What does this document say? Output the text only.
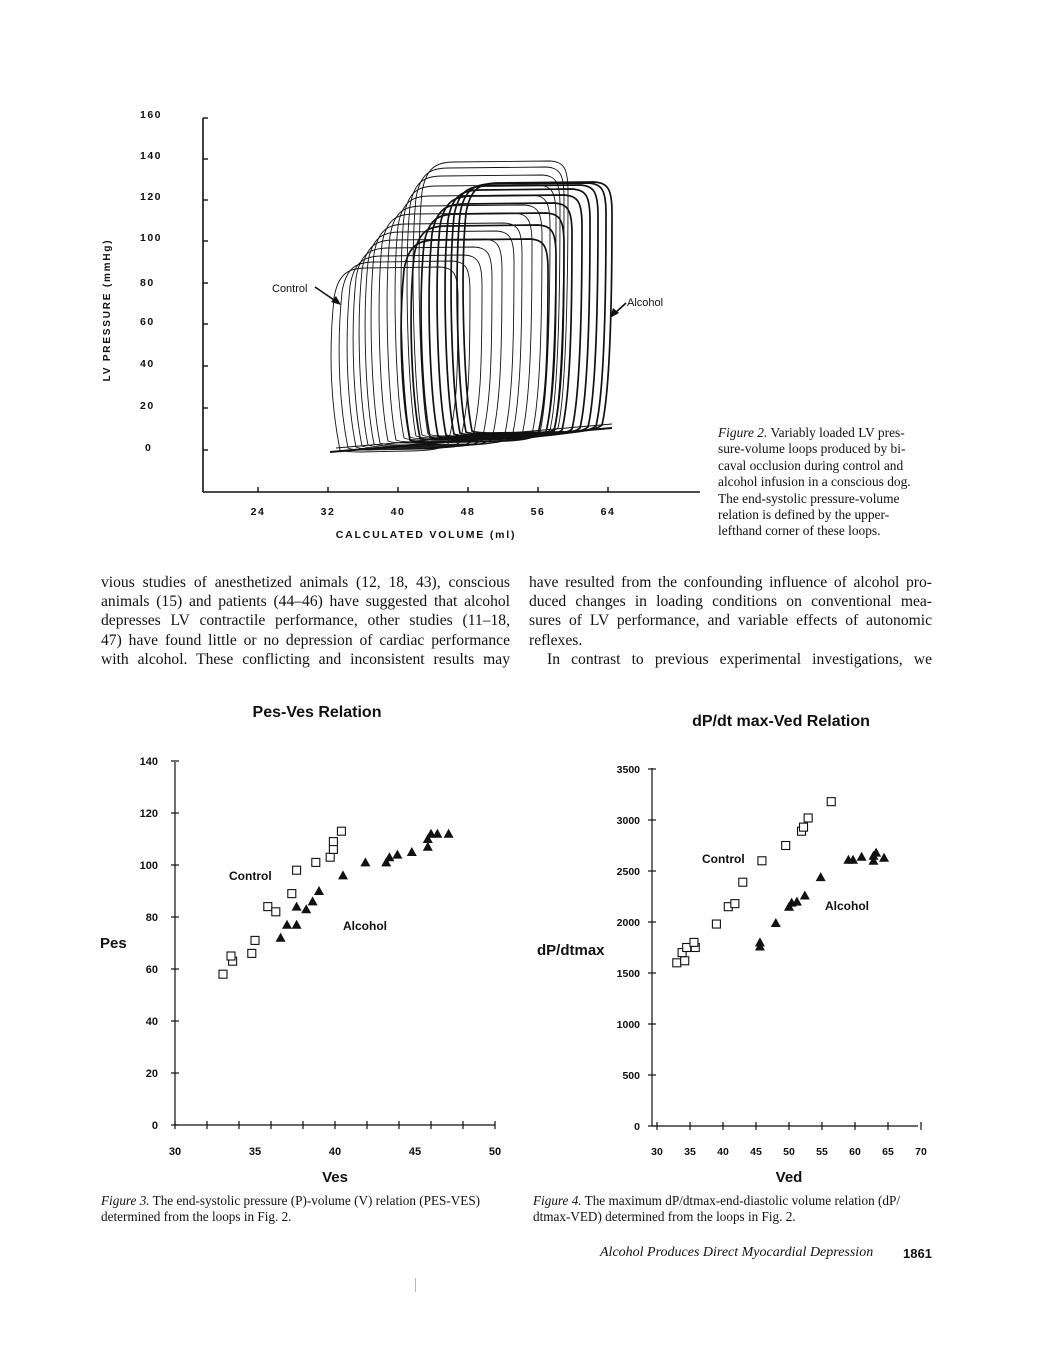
160
140
120
100
80
60
40
20
0
LV PRESSURE (mmHg)
24	32	40	48	56	64
CALCULATED VOLUME (ml)
Control
Alcohol
Figure 2. Variably loaded LV pres-
sure-volume loops produced by bi-
caval occlusion during control and
alcohol infusion in a conscious dog.
The end-systolic pressure-volume
relation is defined by the upper-
lefthand corner of these loops.
vious studies of anesthetized animals (12, 18, 43), conscious
animals (15) and patients (44–46) have suggested that alcohol
depresses LV contractile performance, other studies (11–18,
47) have found little or no depression of cardiac performance
with alcohol. These conflicting and inconsistent results may
have resulted from the confounding influence of alcohol pro-
duced changes in loading conditions on conventional mea-
sures of LV performance, and variable effects of autonomic
reflexes.
In contrast to previous experimental investigations, we
Pes-Ves Relation
0
20
40
60
80
100
120
140
30	35	40	45	50
Ves
Pes
Control
Alcohol
dP/dt max-Ved Relation
0
500
1000
1500
2000
2500
3000
3500
30 35 40 45 50 55 60 65 70
Ved
dP/dtmax
Control
Alcohol
Figure 3. The end-systolic pressure (P)-volume (V) relation (PES-VES)
determined from the loops in Fig. 2.
Figure 4. The maximum dP/dtmax-end-diastolic volume relation (dP/
dtmax-VED) determined from the loops in Fig. 2.
Alcohol Produces Direct Myocardial Depression 1861
